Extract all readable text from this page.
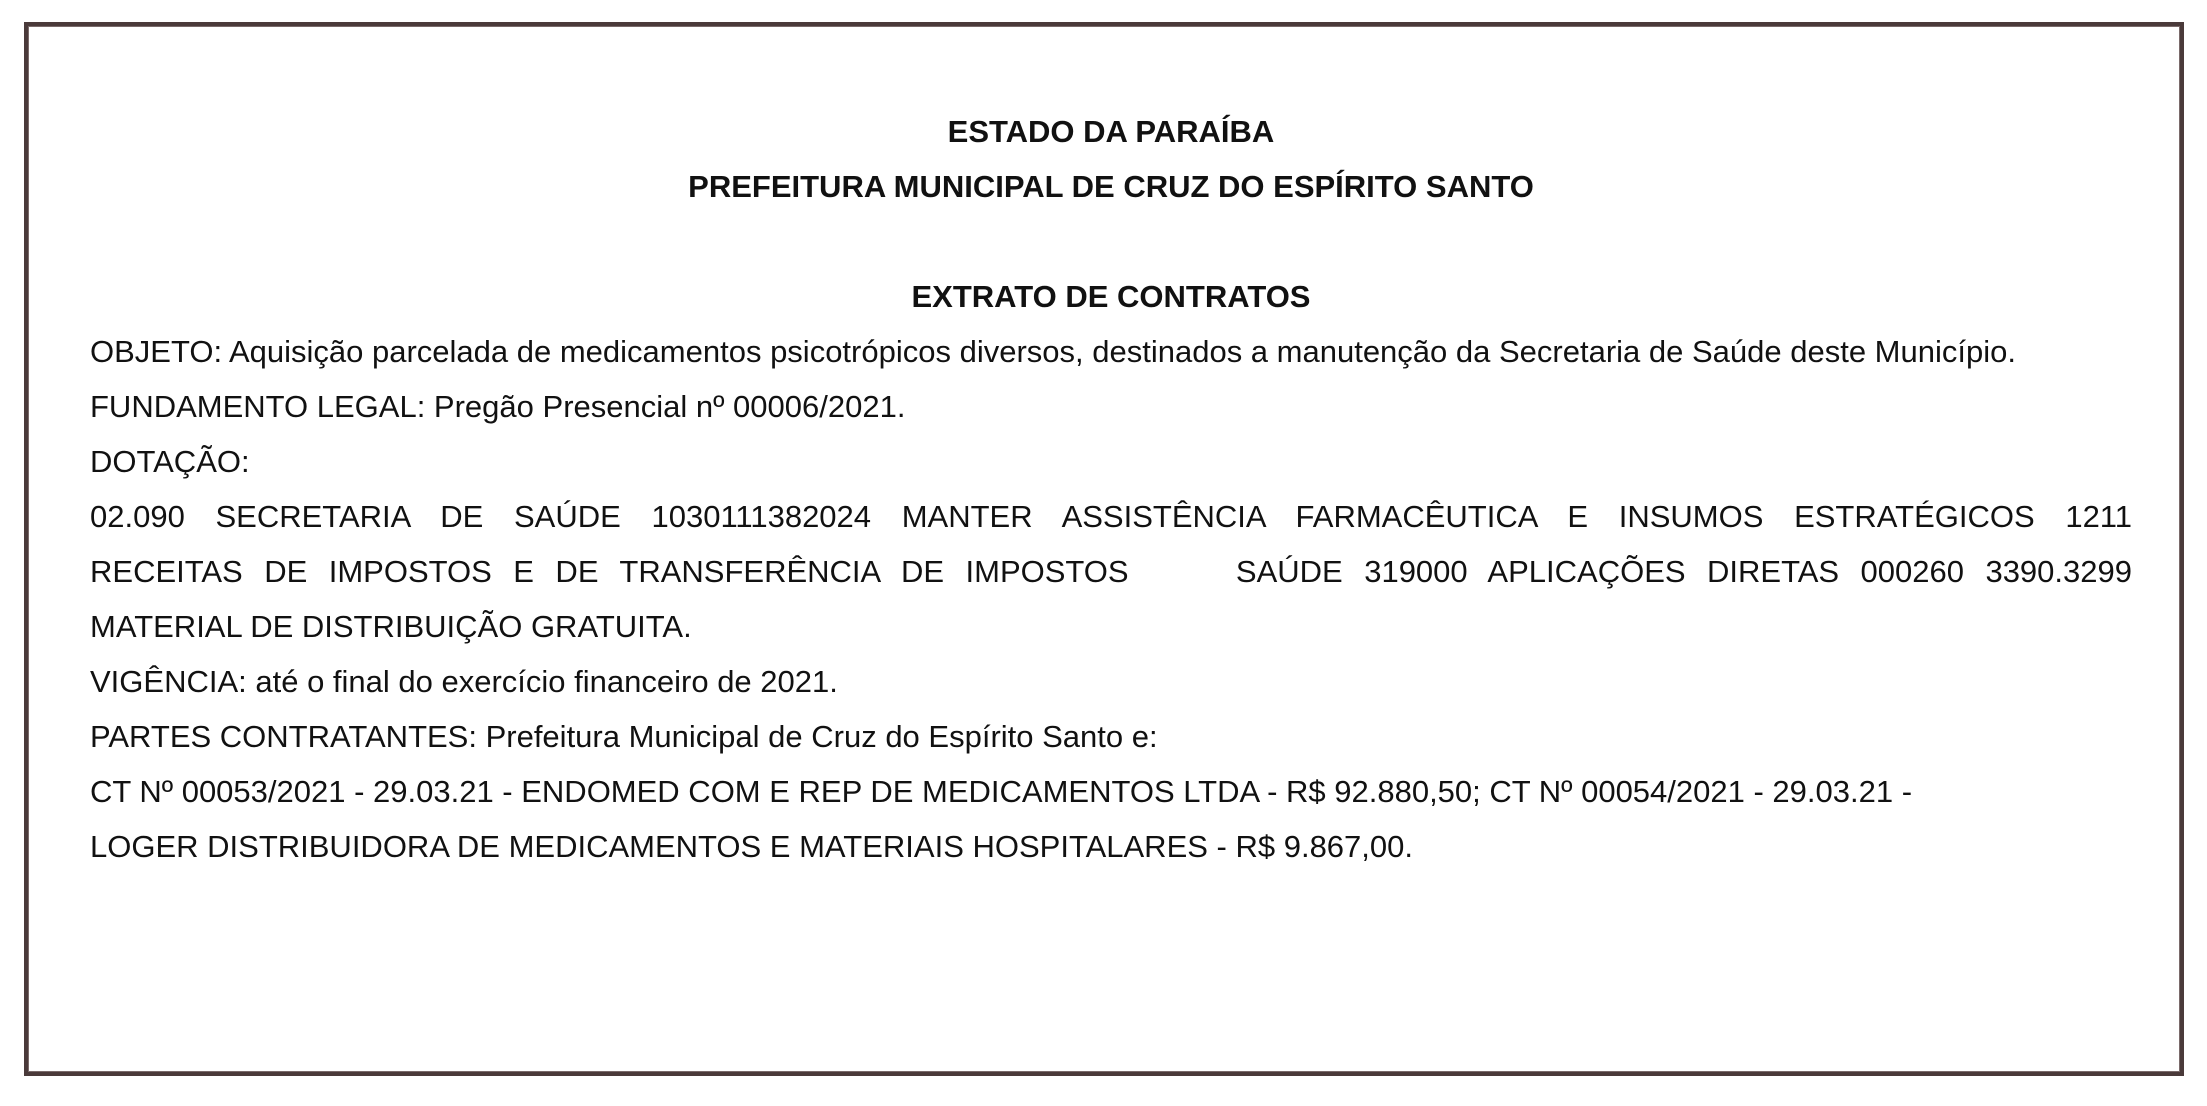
ESTADO DA PARAÍBA
PREFEITURA MUNICIPAL DE CRUZ DO ESPÍRITO SANTO
EXTRATO DE CONTRATOS
OBJETO: Aquisição parcelada de medicamentos psicotrópicos diversos, destinados a manutenção da Secretaria de Saúde deste Município.
FUNDAMENTO LEGAL: Pregão Presencial nº 00006/2021.
DOTAÇÃO:
02.090 SECRETARIA DE SAÚDE 1030111382024 MANTER ASSISTÊNCIA FARMACÊUTICA E INSUMOS ESTRATÉGICOS 1211
RECEITAS DE IMPOSTOS E DE TRANSFERÊNCIA DE IMPOSTOS     SAÚDE 319000 APLICAÇÕES DIRETAS 000260 3390.3299
MATERIAL DE DISTRIBUIÇÃO GRATUITA.
VIGÊNCIA: até o final do exercício financeiro de 2021.
PARTES CONTRATANTES: Prefeitura Municipal de Cruz do Espírito Santo e:
CT Nº 00053/2021 - 29.03.21 - ENDOMED COM E REP DE MEDICAMENTOS LTDA - R$ 92.880,50; CT Nº 00054/2021 - 29.03.21 -
LOGER DISTRIBUIDORA DE MEDICAMENTOS E MATERIAIS HOSPITALARES - R$ 9.867,00.
